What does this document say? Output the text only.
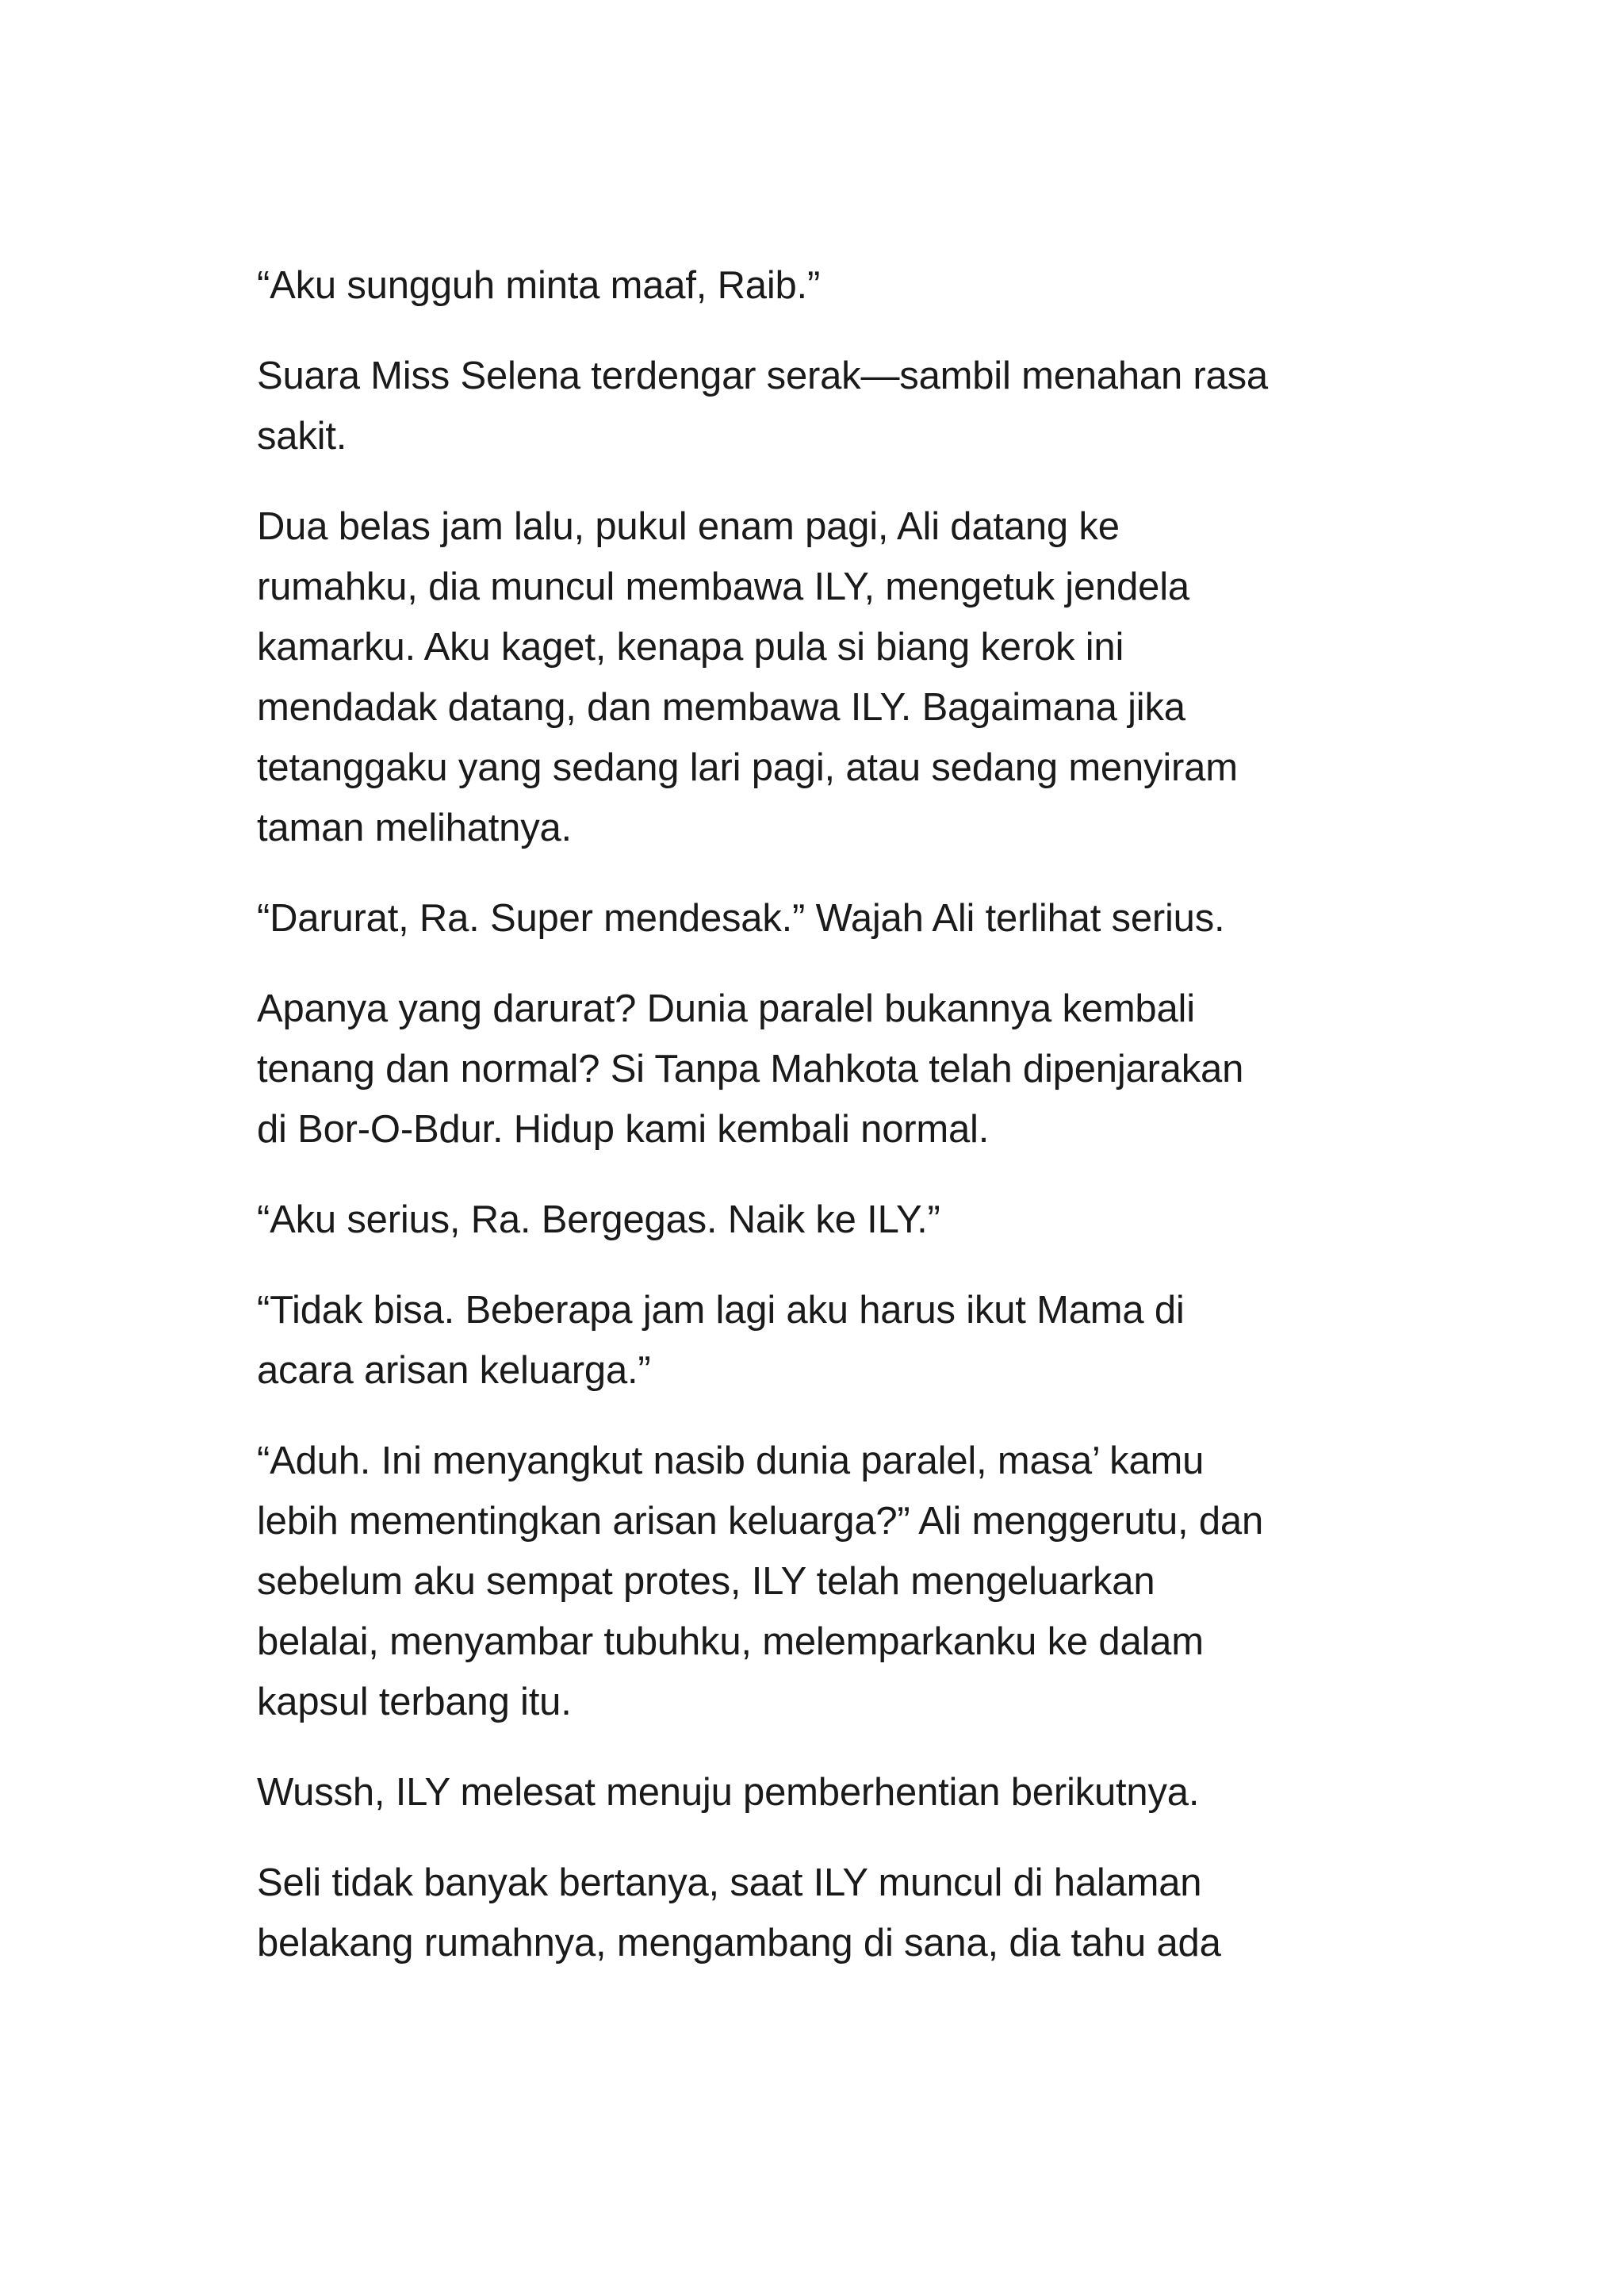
“Aku sungguh minta maaf, Raib.”

Suara Miss Selena terdengar serak—sambil menahan rasa
sakit.

Dua belas jam lalu, pukul enam pagi, Ali datang ke
rumahku, dia muncul membawa ILY, mengetuk jendela
kamarku. Aku kaget, kenapa pula si biang kerok ini
mendadak datang, dan membawa ILY. Bagaimana jika
tetanggaku yang sedang lari pagi, atau sedang menyiram
taman melihatnya.

“Darurat, Ra. Super mendesak.” Wajah Ali terlihat serius.

Apanya yang darurat? Dunia paralel bukannya kembali
tenang dan normal? Si Tanpa Mahkota telah dipenjarakan
di Bor-O-Bdur. Hidup kami kembali normal.

“Aku serius, Ra. Bergegas. Naik ke ILY.”

“Tidak bisa. Beberapa jam lagi aku harus ikut Mama di
acara arisan keluarga.”

“Aduh. Ini menyangkut nasib dunia paralel, masa’ kamu
lebih mementingkan arisan keluarga?” Ali menggerutu, dan
sebelum aku sempat protes, ILY telah mengeluarkan
belalai, menyambar tubuhku, melemparkanku ke dalam
kapsul terbang itu.

Wussh, ILY melesat menuju pemberhentian berikutnya.

Seli tidak banyak bertanya, saat ILY muncul di halaman
belakang rumahnya, mengambang di sana, dia tahu ada
